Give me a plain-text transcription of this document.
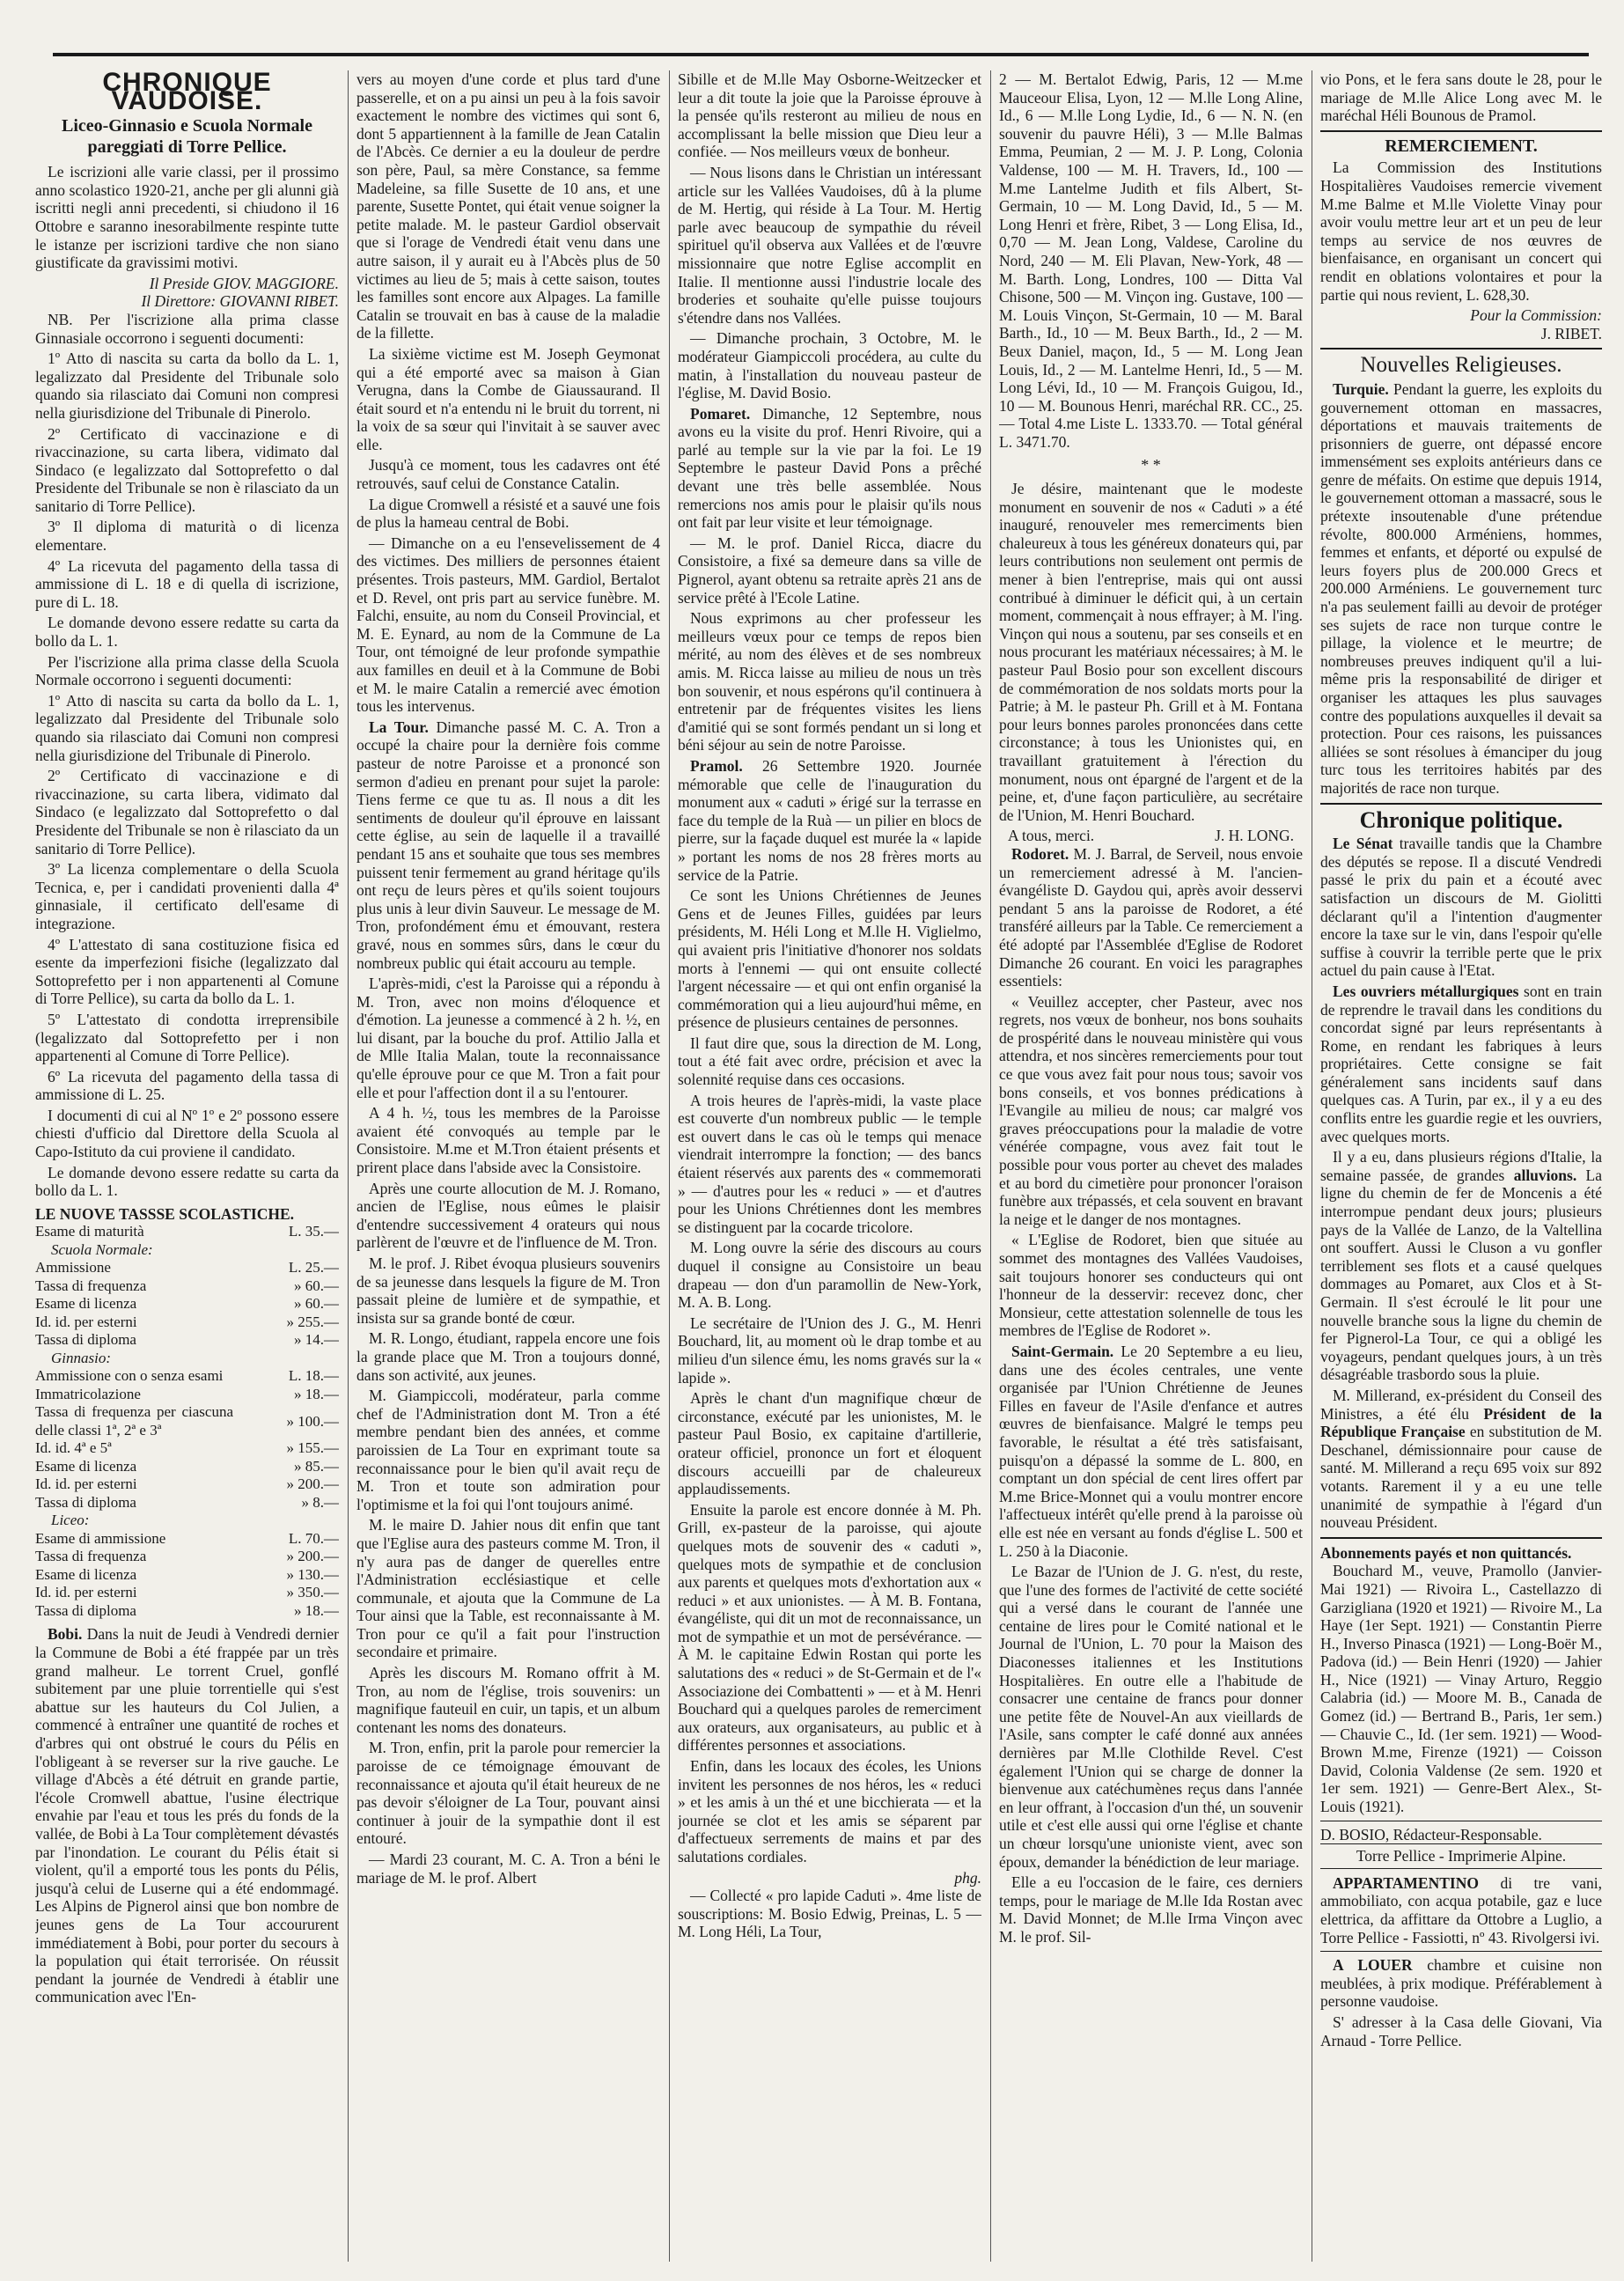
CHRONIQUE VAUDOISE.
Liceo-Ginnasio e Scuola Normale pareggiati di Torre Pellice.

Le iscrizioni alle varie classi, per il prossimo anno scolastico 1920-21, anche per gli alunni già iscritti negli anni precedenti, si chiudono il 16 Ottobre e saranno inesorabilmente respinte tutte le istanze per iscrizioni tardive che non siano giustificate da gravissimi motivi.

Il Preside GIOV. MAGGIORE.
Il Direttore: GIOVANNI RIBET.

NB. Per l'iscrizione alla prima classe Ginnasiale occorrono i seguenti documenti:

1º Atto di nascita su carta da bollo da L. 1, legalizzato dal Presidente del Tribunale solo quando sia rilasciato dai Comuni non compresi nella giurisdizione del Tribunale di Pinerolo.

2º Certificato di vaccinazione e di rivaccinazione, su carta libera, vidimato dal Sindaco (e legalizzato dal Sottoprefetto o dal Presidente del Tribunale se non è rilasciato da un sanitario di Torre Pellice).

3º Il diploma di maturità o di licenza elementare.

4º La ricevuta del pagamento della tassa di ammissione di L. 18 e di quella di iscrizione, pure di L. 18.

Le domande devono essere redatte su carta da bollo da L. 1.

Per l'iscrizione alla prima classe della Scuola Normale occorrono i seguenti documenti:

1º Atto di nascita su carta da bollo da L. 1, legalizzato dal Presidente del Tribunale solo quando sia rilasciato dai Comuni non compresi nella giurisdizione del Tribunale di Pinerolo.

2º Certificato di vaccinazione e di rivaccinazione, su carta libera, vidimato dal Sindaco (e legalizzato dal Sottoprefetto o dal Presidente del Tribunale se non è rilasciato da un sanitario di Torre Pellice).

3º La licenza complementare o della Scuola Tecnica, e, per i candidati provenienti dalla 4ª ginnasiale, il certificato dell'esame di integrazione.

4º L'attestato di sana costituzione fisica ed esente da imperfezioni fisiche (legalizzato dal Sottoprefetto per i non appartenenti al Comune di Torre Pellice), su carta da bollo da L. 1.

5º L'attestato di condotta irreprensibile (legalizzato dal Sottoprefetto per i non appartenenti al Comune di Torre Pellice).

6º La ricevuta del pagamento della tassa di ammissione di L. 25.

I documenti di cui al Nº 1º e 2º possono essere chiesti d'ufficio dal Direttore della Scuola al Capo-Istituto da cui proviene il candidato.

Le domande devono essere redatte su carta da bollo da L. 1.

LE NUOVE TASSSE SCOLASTICHE.
Esame di maturità	L. 35.—
Scuola Normale:	
Ammissione	L. 25.—
Tassa di frequenza	» 60.—
Esame di licenza	» 60.—
Id. id. per esterni	» 255.—
Tassa di diploma	» 14.—
Ginnasio:	
Ammissione con o senza esami	L. 18.—
Immatricolazione	» 18.—
Tassa di frequenza per ciascuna delle classi 1ª, 2ª e 3ª	» 100.—
Id. id. 4ª e 5ª	» 155.—
Esame di licenza	» 85.—
Id. id. per esterni	» 200.—
Tassa di diploma	» 8.—
Liceo:	
Esame di ammissione	L. 70.—
Tassa di frequenza	» 200.—
Esame di licenza	» 130.—
Id. id. per esterni	» 350.—
Tassa di diploma	» 18.—

Bobi. Dans la nuit de Jeudi à Vendredi dernier la Commune de Bobi a été frappée par un très grand malheur. Le torrent Cruel, gonflé subitement par une pluie torrentielle qui s'est abattue sur les hauteurs du Col Julien, a commencé à entraîner une quantité de roches et d'arbres qui ont obstrué le cours du Pélis en l'obligeant à se reverser sur la rive gauche. Le village d'Abcès a été détruit en grande partie, l'école Cromwell abattue, l'usine électrique envahie par l'eau et tous les prés du fonds de la vallée, de Bobi à La Tour complètement dévastés par l'inondation. Le courant du Pélis était si violent, qu'il a emporté tous les ponts du Pélis, jusqu'à celui de Luserne qui a été endommagé. Les Alpins de Pignerol ainsi que bon nombre de jeunes gens de La Tour accoururent immédiatement à Bobi, pour porter du secours à la population qui était terrorisée. On réussit pendant la journée de Vendredi à établir une communication avec l'En-

vers au moyen d'une corde et plus tard d'une passerelle, et on a pu ainsi un peu à la fois savoir exactement le nombre des victimes qui sont 6, dont 5 appartiennent à la famille de Jean Catalin de l'Abcès. Ce dernier a eu la douleur de perdre son père, Paul, sa mère Constance, sa femme Madeleine, sa fille Susette de 10 ans, et une parente, Susette Pontet, qui était venue soigner la petite malade. M. le pasteur Gardiol observait que si l'orage de Vendredi était venu dans une autre saison, il y aurait eu à l'Abcès plus de 50 victimes au lieu de 5; mais à cette saison, toutes les familles sont encore aux Alpages. La famille Catalin se trouvait en bas à cause de la maladie de la fillette.

La sixième victime est M. Joseph Geymonat qui a été emporté avec sa maison à Gian Verugna, dans la Combe de Giaussaurand. Il était sourd et n'a entendu ni le bruit du torrent, ni la voix de sa sœur qui l'invitait à se sauver avec elle.

Jusqu'à ce moment, tous les cadavres ont été retrouvés, sauf celui de Constance Catalin.

La digue Cromwell a résisté et a sauvé une fois de plus la hameau central de Bobi.

— Dimanche on a eu l'ensevelissement de 4 des victimes. Des milliers de personnes étaient présentes. Trois pasteurs, MM. Gardiol, Bertalot et D. Revel, ont pris part au service funèbre. M. Falchi, ensuite, au nom du Conseil Provincial, et M. E. Eynard, au nom de la Commune de La Tour, ont témoigné de leur profonde sympathie aux familles en deuil et à la Commune de Bobi et M. le maire Catalin a remercié avec émotion tous les intervenus.

La Tour. Dimanche passé M. C. A. Tron a occupé la chaire pour la dernière fois comme pasteur de notre Paroisse et a prononcé son sermon d'adieu en prenant pour sujet la parole: Tiens ferme ce que tu as. Il nous a dit les sentiments de douleur qu'il éprouve en laissant cette église, au sein de laquelle il a travaillé pendant 15 ans et souhaite que tous ses membres puissent tenir fermement au grand héritage qu'ils ont reçu de leurs pères et qu'ils soient toujours plus unis à leur divin Sauveur. Le message de M. Tron, profondément ému et émouvant, restera gravé, nous en sommes sûrs, dans le cœur du nombreux public qui était accouru au temple.

L'après-midi, c'est la Paroisse qui a répondu à M. Tron, avec non moins d'éloquence et d'émotion. La jeunesse a commencé à 2 h. ½, en lui disant, par la bouche du prof. Attilio Jalla et de Mlle Italia Malan, toute la reconnaissance qu'elle éprouve pour ce que M. Tron a fait pour elle et pour l'affection dont il a su l'entourer.

A 4 h. ½, tous les membres de la Paroisse avaient été convoqués au temple par le Consistoire. M.me et M.Tron étaient présents et prirent place dans l'abside avec la Consistoire.

Après une courte allocution de M. J. Romano, ancien de l'Eglise, nous eûmes le plaisir d'entendre successivement 4 orateurs qui nous parlèrent de l'œuvre et de l'influence de M. Tron.

M. le prof. J. Ribet évoqua plusieurs souvenirs de sa jeunesse dans lesquels la figure de M. Tron passait pleine de lumière et de sympathie, et insista sur sa grande bonté de cœur.

M. R. Longo, étudiant, rappela encore une fois la grande place que M. Tron a toujours donné, dans son activité, aux jeunes.

M. Giampiccoli, modérateur, parla comme chef de l'Administration dont M. Tron a été membre pendant bien des années, et comme paroissien de La Tour en exprimant toute sa reconnaissance pour le bien qu'il avait reçu de M. Tron et toute son admiration pour l'optimisme et la foi qui l'ont toujours animé.

M. le maire D. Jahier nous dit enfin que tant que l'Eglise aura des pasteurs comme M. Tron, il n'y aura pas de danger de querelles entre l'Administration ecclésiastique et celle communale, et ajouta que la Commune de La Tour ainsi que la Table, est reconnaissante à M. Tron pour ce qu'il a fait pour l'instruction secondaire et primaire.

Après les discours M. Romano offrit à M. Tron, au nom de l'église, trois souvenirs: un magnifique fauteuil en cuir, un tapis, et un album contenant les noms des donateurs.

M. Tron, enfin, prit la parole pour remercier la paroisse de ce témoignage émouvant de reconnaissance et ajouta qu'il était heureux de ne pas devoir s'éloigner de La Tour, pouvant ainsi continuer à jouir de la sympathie dont il est entouré.

— Mardi 23 courant, M. C. A. Tron a béni le mariage de M. le prof. Albert

Sibille et de M.lle May Osborne-Weitzecker et leur a dit toute la joie que la Paroisse éprouve à la pensée qu'ils resteront au milieu de nous en accomplissant la belle mission que Dieu leur a confiée. — Nos meilleurs vœux de bonheur.

— Nous lisons dans le Christian un intéressant article sur les Vallées Vaudoises, dû à la plume de M. Hertig, qui réside à La Tour. M. Hertig parle avec beaucoup de sympathie du réveil spirituel qu'il observa aux Vallées et de l'œuvre missionnaire que notre Eglise accomplit en Italie. Il mentionne aussi l'industrie locale des broderies et souhaite qu'elle puisse toujours s'étendre dans nos Vallées.

— Dimanche prochain, 3 Octobre, M. le modérateur Giampiccoli procédera, au culte du matin, à l'installation du nouveau pasteur de l'église, M. David Bosio.

Pomaret. Dimanche, 12 Septembre, nous avons eu la visite du prof. Henri Rivoire, qui a parlé au temple sur la vie par la foi. Le 19 Septembre le pasteur David Pons a prêché devant une très belle assemblée. Nous remercions nos amis pour le plaisir qu'ils nous ont fait par leur visite et leur témoignage.

— M. le prof. Daniel Ricca, diacre du Consistoire, a fixé sa demeure dans sa ville de Pignerol, ayant obtenu sa retraite après 21 ans de service prêté à l'Ecole Latine.

Nous exprimons au cher professeur les meilleurs vœux pour ce temps de repos bien mérité, au nom des élèves et de ses nombreux amis. M. Ricca laisse au milieu de nous un très bon souvenir, et nous espérons qu'il continuera à entretenir par de fréquentes visites les liens d'amitié qui se sont formés pendant un si long et béni séjour au sein de notre Paroisse.

Pramol. 26 Settembre 1920. Journée mémorable que celle de l'inauguration du monument aux « caduti » érigé sur la terrasse en face du temple de la Ruà — un pilier en blocs de pierre, sur la façade duquel est murée la « lapide » portant les noms de nos 28 frères morts au service de la Patrie.

Ce sont les Unions Chrétiennes de Jeunes Gens et de Jeunes Filles, guidées par leurs présidents, M. Héli Long et M.lle H. Viglielmo, qui avaient pris l'initiative d'honorer nos soldats morts à l'ennemi — qui ont ensuite collecté l'argent nécessaire — et qui ont enfin organisé la commémoration qui a lieu aujourd'hui même, en présence de plusieurs centaines de personnes.

Il faut dire que, sous la direction de M. Long, tout a été fait avec ordre, précision et avec la solennité requise dans ces occasions.

A trois heures de l'après-midi, la vaste place est couverte d'un nombreux public — le temple est ouvert dans le cas où le temps qui menace viendrait interrompre la fonction; — des bancs étaient réservés aux parents des « commemorati » — d'autres pour les « reduci » — et d'autres pour les Unions Chrétiennes dont les membres se distinguent par la cocarde tricolore.

M. Long ouvre la série des discours au cours duquel il consigne au Consistoire un beau drapeau — don d'un paramollin de New-York, M. A. B. Long.

Le secrétaire de l'Union des J. G., M. Henri Bouchard, lit, au moment où le drap tombe et au milieu d'un silence ému, les noms gravés sur la « lapide ».

Après le chant d'un magnifique chœur de circonstance, exécuté par les unionistes, M. le pasteur Paul Bosio, ex capitaine d'artillerie, orateur officiel, prononce un fort et éloquent discours accueilli par de chaleureux applaudissements.

Ensuite la parole est encore donnée à M. Ph. Grill, ex-pasteur de la paroisse, qui ajoute quelques mots de souvenir des « caduti », quelques mots de sympathie et de conclusion aux parents et quelques mots d'exhortation aux « reduci » et aux unionistes. — À M. B. Fontana, évangéliste, qui dit un mot de reconnaissance, un mot de sympathie et un mot de persévérance. — À M. le capitaine Edwin Rostan qui porte les salutations des « reduci » de St-Germain et de l'« Associazione dei Combattenti » — et à M. Henri Bouchard qui a quelques paroles de remerciment aux orateurs, aux organisateurs, au public et à différentes personnes et associations.

Enfin, dans les locaux des écoles, les Unions invitent les personnes de nos héros, les « reduci » et les amis à un thé et une bicchierata — et la journée se clot et les amis se séparent par d'affectueux serrements de mains et par des salutations cordiales.

phg.

— Collecté « pro lapide Caduti ». 4me liste de souscriptions: M. Bosio Edwig, Preinas, L. 5 — M. Long Héli, La Tour,

2 — M. Bertalot Edwig, Paris, 12 — M.me Mauceour Elisa, Lyon, 12 — M.lle Long Aline, Id., 6 — M.lle Long Lydie, Id., 6 — N. N. (en souvenir du pauvre Héli), 3 — M.lle Balmas Emma, Peumian, 2 — M. J. P. Long, Colonia Valdense, 100 — M. H. Travers, Id., 100 — M.me Lantelme Judith et fils Albert, St-Germain, 10 — M. Long David, Id., 5 — M. Long Henri et frère, Ribet, 3 — Long Elisa, Id., 0,70 — M. Jean Long, Valdese, Caroline du Nord, 240 — M. Eli Plavan, New-York, 48 — M. Barth. Long, Londres, 100 — Ditta Val Chisone, 500 — M. Vinçon ing. Gustave, 100 — M. Louis Vinçon, St-Germain, 10 — M. Baral Barth., Id., 10 — M. Beux Barth., Id., 2 — M. Beux Daniel, maçon, Id., 5 — M. Long Jean Louis, Id., 2 — M. Lantelme Henri, Id., 5 — M. Long Lévi, Id., 10 — M. François Guigou, Id., 10 — M. Bounous Henri, maréchal RR. CC., 25. — Total 4.me Liste L. 1333.70. — Total général L. 3471.70.

* *

Je désire, maintenant que le modeste monument en souvenir de nos « Caduti » a été inauguré, renouveler mes remerciments bien chaleureux à tous les généreux donateurs qui, par leurs contributions non seulement ont permis de mener à bien l'entreprise, mais qui ont aussi contribué à diminuer le déficit qui, à un certain moment, commençait à nous effrayer; à M. l'ing. Vinçon qui nous a soutenu, par ses conseils et en nous procurant les matériaux nécessaires; à M. le pasteur Paul Bosio pour son excellent discours de commémoration de nos soldats morts pour la Patrie; à M. le pasteur Ph. Grill et à M. Fontana pour leurs bonnes paroles prononcées dans cette circonstance; à tous les Unionistes qui, en travaillant gratuitement à l'érection du monument, nous ont épargné de l'argent et de la peine, et, d'une façon particulière, au secrétaire de l'Union, M. Henri Bouchard.

A tous, merci.	J. H. LONG.

Rodoret. M. J. Barral, de Serveil, nous envoie un remerciement adressé à M. l'ancien-évangéliste D. Gaydou qui, après avoir desservi pendant 5 ans la paroisse de Rodoret, a été transféré ailleurs par la Table. Ce remerciement a été adopté par l'Assemblée d'Eglise de Rodoret Dimanche 26 courant. En voici les paragraphes essentiels:

« Veuillez accepter, cher Pasteur, avec nos regrets, nos vœux de bonheur, nos bons souhaits de prospérité dans le nouveau ministère qui vous attendra, et nos sincères remerciements pour tout ce que vous avez fait pour nous tous; savoir vos bons conseils, et vos bonnes prédications à l'Evangile au milieu de nous; car malgré vos graves préoccupations pour la maladie de votre vénérée compagne, vous avez fait tout le possible pour vous porter au chevet des malades et au bord du cimetière pour prononcer l'oraison funèbre aux trépassés, et cela souvent en bravant la neige et le danger de nos montagnes.

« L'Eglise de Rodoret, bien que située au sommet des montagnes des Vallées Vaudoises, sait toujours honorer ses conducteurs qui ont l'honneur de la desservir: recevez donc, cher Monsieur, cette attestation solennelle de tous les membres de l'Eglise de Rodoret ».

Saint-Germain. Le 20 Septembre a eu lieu, dans une des écoles centrales, une vente organisée par l'Union Chrétienne de Jeunes Filles en faveur de l'Asile d'enfance et autres œuvres de bienfaisance. Malgré le temps peu favorable, le résultat a été très satisfaisant, puisqu'on a dépassé la somme de L. 800, en comptant un don spécial de cent lires offert par M.me Brice-Monnet qui a voulu montrer encore l'affectueux intérêt qu'elle prend à la paroisse où elle est née en versant au fonds d'église L. 500 et L. 250 à la Diaconie.

Le Bazar de l'Union de J. G. n'est, du reste, que l'une des formes de l'activité de cette société qui a versé dans le courant de l'année une centaine de lires pour le Comité national et le Journal de l'Union, L. 70 pour la Maison des Diaconesses italiennes et les Institutions Hospitalières. En outre elle a l'habitude de consacrer une centaine de francs pour donner une petite fête de Nouvel-An aux vieillards de l'Asile, sans compter le café donné aux années dernières par M.lle Clothilde Revel. C'est également l'Union qui se charge de donner la bienvenue aux catéchumènes reçus dans l'année en leur offrant, à l'occasion d'un thé, un souvenir utile et c'est elle aussi qui orne l'église et chante un chœur lorsqu'une unioniste vient, avec son époux, demander la bénédiction de leur mariage.

Elle a eu l'occasion de le faire, ces derniers temps, pour le mariage de M.lle Ida Rostan avec M. David Monnet; de M.lle Irma Vinçon avec M. le prof. Sil-

vio Pons, et le fera sans doute le 28, pour le mariage de M.lle Alice Long avec M. le maréchal Héli Bounous de Pramol.

REMERCIEMENT.

La Commission des Institutions Hospitalières Vaudoises remercie vivement M.me Balme et M.lle Violette Vinay pour avoir voulu mettre leur art et un peu de leur temps au service de nos œuvres de bienfaisance, en organisant un concert qui rendit en oblations volontaires et pour la partie qui nous revient, L. 628,30.

Pour la Commission:
J. RIBET.
Nouvelles Religieuses.

Turquie. Pendant la guerre, les exploits du gouvernement ottoman en massacres, déportations et mauvais traitements de prisonniers de guerre, ont dépassé encore immensément ses exploits antérieurs dans ce genre de méfaits. On estime que depuis 1914, le gouvernement ottoman a massacré, sous le prétexte insoutenable d'une prétendue révolte, 800.000 Arméniens, hommes, femmes et enfants, et déporté ou expulsé de leurs foyers plus de 200.000 Grecs et 200.000 Arméniens. Le gouvernement turc n'a pas seulement failli au devoir de protéger ses sujets de race non turque contre le pillage, la violence et le meurtre; de nombreuses preuves indiquent qu'il a lui-même pris la responsabilité de diriger et organiser les attaques les plus sauvages contre des populations auxquelles il devait sa protection. Pour ces raisons, les puissances alliées se sont résolues à émanciper du joug turc tous les territoires habités par des majorités de race non turque.

Chronique politique.

Le Sénat travaille tandis que la Chambre des députés se repose. Il a discuté Vendredi passé le prix du pain et a écouté avec satisfaction un discours de M. Giolitti déclarant qu'il a l'intention d'augmenter encore la taxe sur le vin, dans l'espoir qu'elle suffise à couvrir la terrible perte que le prix actuel du pain cause à l'Etat.

Les ouvriers métallurgiques sont en train de reprendre le travail dans les conditions du concordat signé par leurs représentants à Rome, en rendant les fabriques à leurs propriétaires. Cette consigne se fait généralement sans incidents sauf dans quelques cas. A Turin, par ex., il y a eu des conflits entre les guardie regie et les ouvriers, avec quelques morts.

Il y a eu, dans plusieurs régions d'Italie, la semaine passée, de grandes alluvions. La ligne du chemin de fer de Moncenis a été interrompue pendant deux jours; plusieurs pays de la Vallée de Lanzo, de la Valtellina ont souffert. Aussi le Cluson a vu gonfler terriblement ses flots et a causé quelques dommages au Pomaret, aux Clos et à St-Germain. Il s'est écroulé le lit pour une nouvelle branche sous la ligne du chemin de fer Pignerol-La Tour, ce qui a obligé les voyageurs, pendant quelques jours, à un très désagréable trasbordo sous la pluie.

M. Millerand, ex-président du Conseil des Ministres, a été élu Président de la République Française en substitution de M. Deschanel, démissionnaire pour cause de santé. M. Millerand a reçu 695 voix sur 892 votants. Rarement il y a eu une telle unanimité de sympathie à l'égard d'un nouveau Président.

Abonnements payés et non quittancés.

Bouchard M., veuve, Pramollo (Janvier-Mai 1921) — Rivoira L., Castellazzo di Garzigliana (1920 et 1921) — Rivoire M., La Haye (1er Sept. 1921) — Constantin Pierre H., Inverso Pinasca (1921) — Long-Boër M., Padova (id.) — Bein Henri (1920) — Jahier H., Nice (1921) — Vinay Arturo, Reggio Calabria (id.) — Moore M. B., Canada de Gomez (id.) — Bertrand B., Paris, 1er sem.) — Chauvie C., Id. (1er sem. 1921) — Wood-Brown M.me, Firenze (1921) — Coisson David, Colonia Valdense (2e sem. 1920 et 1er sem. 1921) — Genre-Bert Alex., St-Louis (1921).

D. BOSIO, Rédacteur-Responsable.
Torre Pellice - Imprimerie Alpine.

APPARTAMENTINO di tre vani, ammobiliato, con acqua potabile, gaz e luce elettrica, da affittare da Ottobre a Luglio, a Torre Pellice - Fassiotti, nº 43. Rivolgersi ivi.

A LOUER chambre et cuisine non meublées, à prix modique. Préférablement à personne vaudoise.

S' adresser à la Casa delle Giovani, Via Arnaud - Torre Pellice.
